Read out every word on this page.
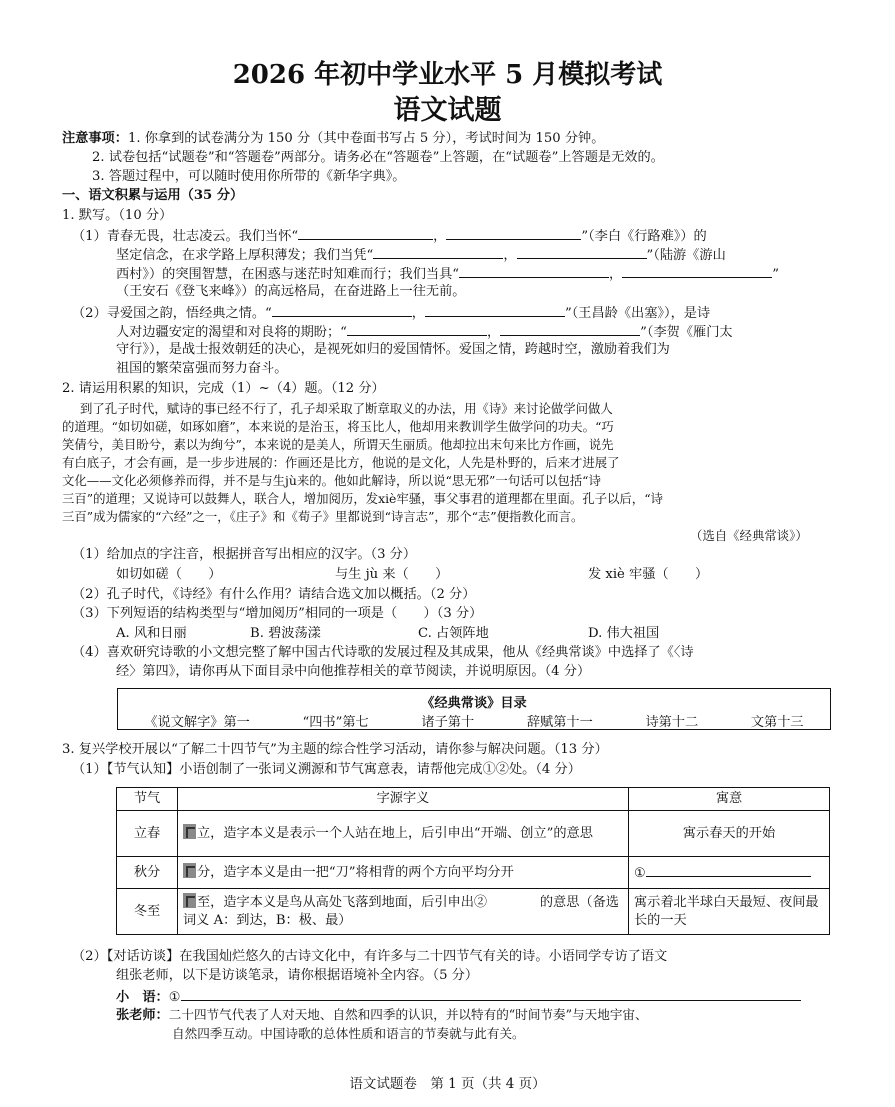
2026 年初中学业水平 5 月模拟考试
语文试题
注意事项：1. 你拿到的试卷满分为 150 分（其中卷面书写占 5 分），考试时间为 150 分钟。
2. 试卷包括“试题卷”和“答题卷”两部分。请务必在“答题卷”上答题，在“试题卷”上答题是无效的。
3. 答题过程中，可以随时使用你所带的《新华字典》。
一、语文积累与运用（35 分）
1. 默写。（10 分）
（1）青春无畏，壮志凌云。我们当怀“	，	”（李白《行路难》）的
坚定信念，在求学路上厚积薄发；我们当凭“	，	”（陆游《游山
西村》）的突围智慧，在困惑与迷茫时知难而行；我们当具“	，	”
（王安石《登飞来峰》）的高远格局，在奋进路上一往无前。
（2）寻爱国之韵，悟经典之情。“	，	”（王昌龄《出塞》），是诗
人对边疆安定的渴望和对良将的期盼；“	，	”（李贺《雁门太
守行》），是战士报效朝廷的决心，是视死如归的爱国情怀。爱国之情，跨越时空，激励着我们为
祖国的繁荣富强而努力奋斗。
2. 请运用积累的知识，完成（1）~（4）题。（12 分）
到了孔子时代，赋诗的事已经不行了，孔子却采取了断章取义的办法，用《诗》来讨论做学问做人
的道理。“如切如磋，如琢如磨”，本来说的是治玉，将玉比人，他却用来教训学生做学问的功夫。“巧
笑倩兮，美目盼兮，素以为绚兮”，本来说的是美人，所谓天生丽质。他却拉出末句来比方作画，说先
有白底子，才会有画，是一步步进展的：作画还是比方，他说的是文化，人先是朴野的，后来才进展了
文化——文化必须修养而得，并不是与生jù来的。他如此解诗，所以说“思无邪”一句话可以包括“诗
三百”的道理；又说诗可以鼓舞人，联合人，增加阅历，发xiè牢骚，事父事君的道理都在里面。孔子以后，“诗
三百”成为儒家的“六经”之一，《庄子》和《荀子》里都说到“诗言志”，那个“志”便指教化而言。
（选自《经典常谈》）
（1）给加点的字注音，根据拼音写出相应的汉字。（3 分）
如切如磋（　　）	与生 jù 来（　　）	发 xiè 牢骚（　　）
（2）孔子时代，《诗经》有什么作用？请结合选文加以概括。（2 分）
（3）下列短语的结构类型与“增加阅历”相同的一项是（　　）（3 分）
A. 风和日丽	B. 碧波荡漾	C. 占领阵地	D. 伟大祖国
（4）喜欢研究诗歌的小文想完整了解中国古代诗歌的发展过程及其成果，他从《经典常谈》中选择了《〈诗
经〉第四》，请你再从下面目录中向他推荐相关的章节阅读，并说明原因。（4 分）
《经典常谈》目录
《说文解字》第一	“四书”第七	诸子第十	辞赋第十一	诗第十二	文第十三
3. 复兴学校开展以“了解二十四节气”为主题的综合性学习活动，请你参与解决问题。（13 分）
（1）【节气认知】小语创制了一张词义溯源和节气寓意表，请帮他完成①②处。（4 分）
节气	字源字义	寓意
立春	立，造字本义是表示一个人站在地上，后引申出“开端、创立”的意思	寓示春天的开始
秋分	分，造字本义是由一把“刀”将相背的两个方向平均分开	①
冬至	至，造字本义是鸟从高处飞落到地面，后引申出②　　　　的意思（备选词义 A：到达，B：极、最）	寓示着北半球白天最短、夜间最长的一天
（2）【对话访谈】在我国灿烂悠久的古诗文化中，有许多与二十四节气有关的诗。小语同学专访了语文
组张老师，以下是访谈笔录，请你根据语境补全内容。（5 分）
小　语：①
张老师：二十四节气代表了人对天地、自然和四季的认识，并以特有的“时间节奏”与天地宇宙、
自然四季互动。中国诗歌的总体性质和语言的节奏就与此有关。
语文试题卷　第 1 页（共 4 页）
